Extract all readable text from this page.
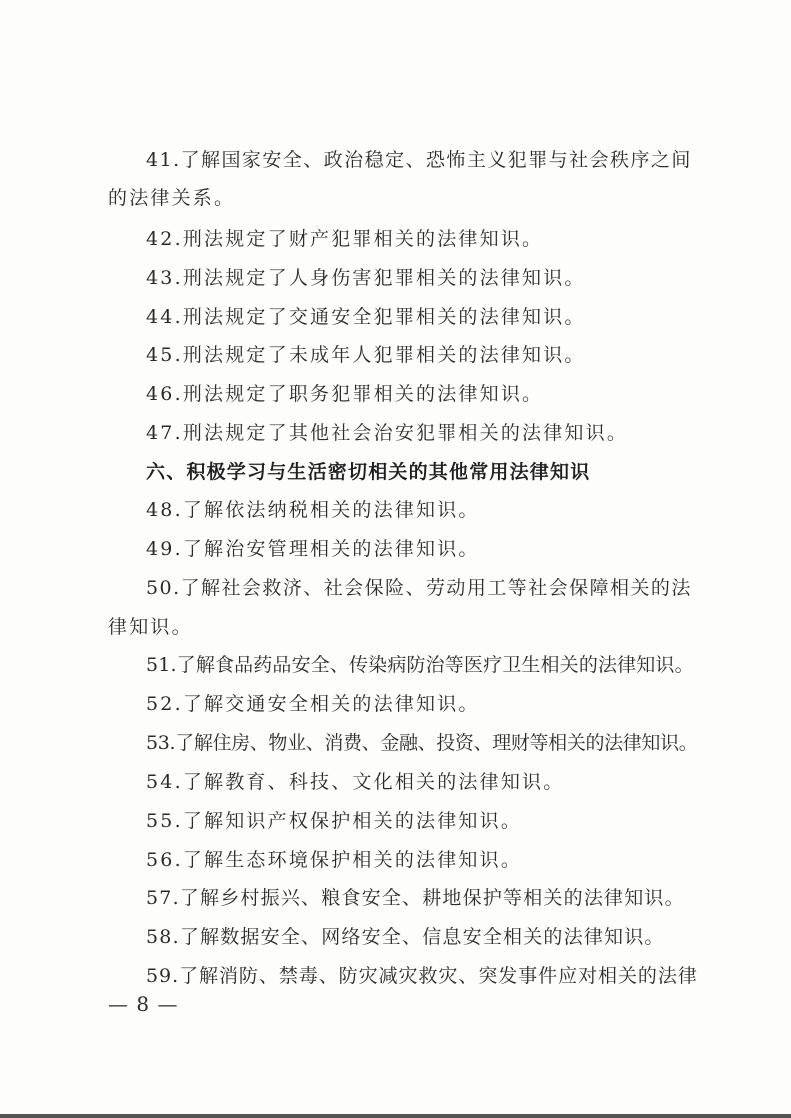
41.了解国家安全、政治稳定、恐怖主义犯罪与社会秩序之间
的法律关系。
42.刑法规定了财产犯罪相关的法律知识。
43.刑法规定了人身伤害犯罪相关的法律知识。
44.刑法规定了交通安全犯罪相关的法律知识。
45.刑法规定了未成年人犯罪相关的法律知识。
46.刑法规定了职务犯罪相关的法律知识。
47.刑法规定了其他社会治安犯罪相关的法律知识。
六、积极学习与生活密切相关的其他常用法律知识
48.了解依法纳税相关的法律知识。
49.了解治安管理相关的法律知识。
50.了解社会救济、社会保险、劳动用工等社会保障相关的法
律知识。
51.了解食品药品安全、传染病防治等医疗卫生相关的法律知识。
52.了解交通安全相关的法律知识。
53.了解住房、物业、消费、金融、投资、理财等相关的法律知识。
54.了解教育、科技、文化相关的法律知识。
55.了解知识产权保护相关的法律知识。
56.了解生态环境保护相关的法律知识。
57.了解乡村振兴、粮食安全、耕地保护等相关的法律知识。
58.了解数据安全、网络安全、信息安全相关的法律知识。
59.了解消防、禁毒、防灾减灾救灾、突发事件应对相关的法律
— 8 —
